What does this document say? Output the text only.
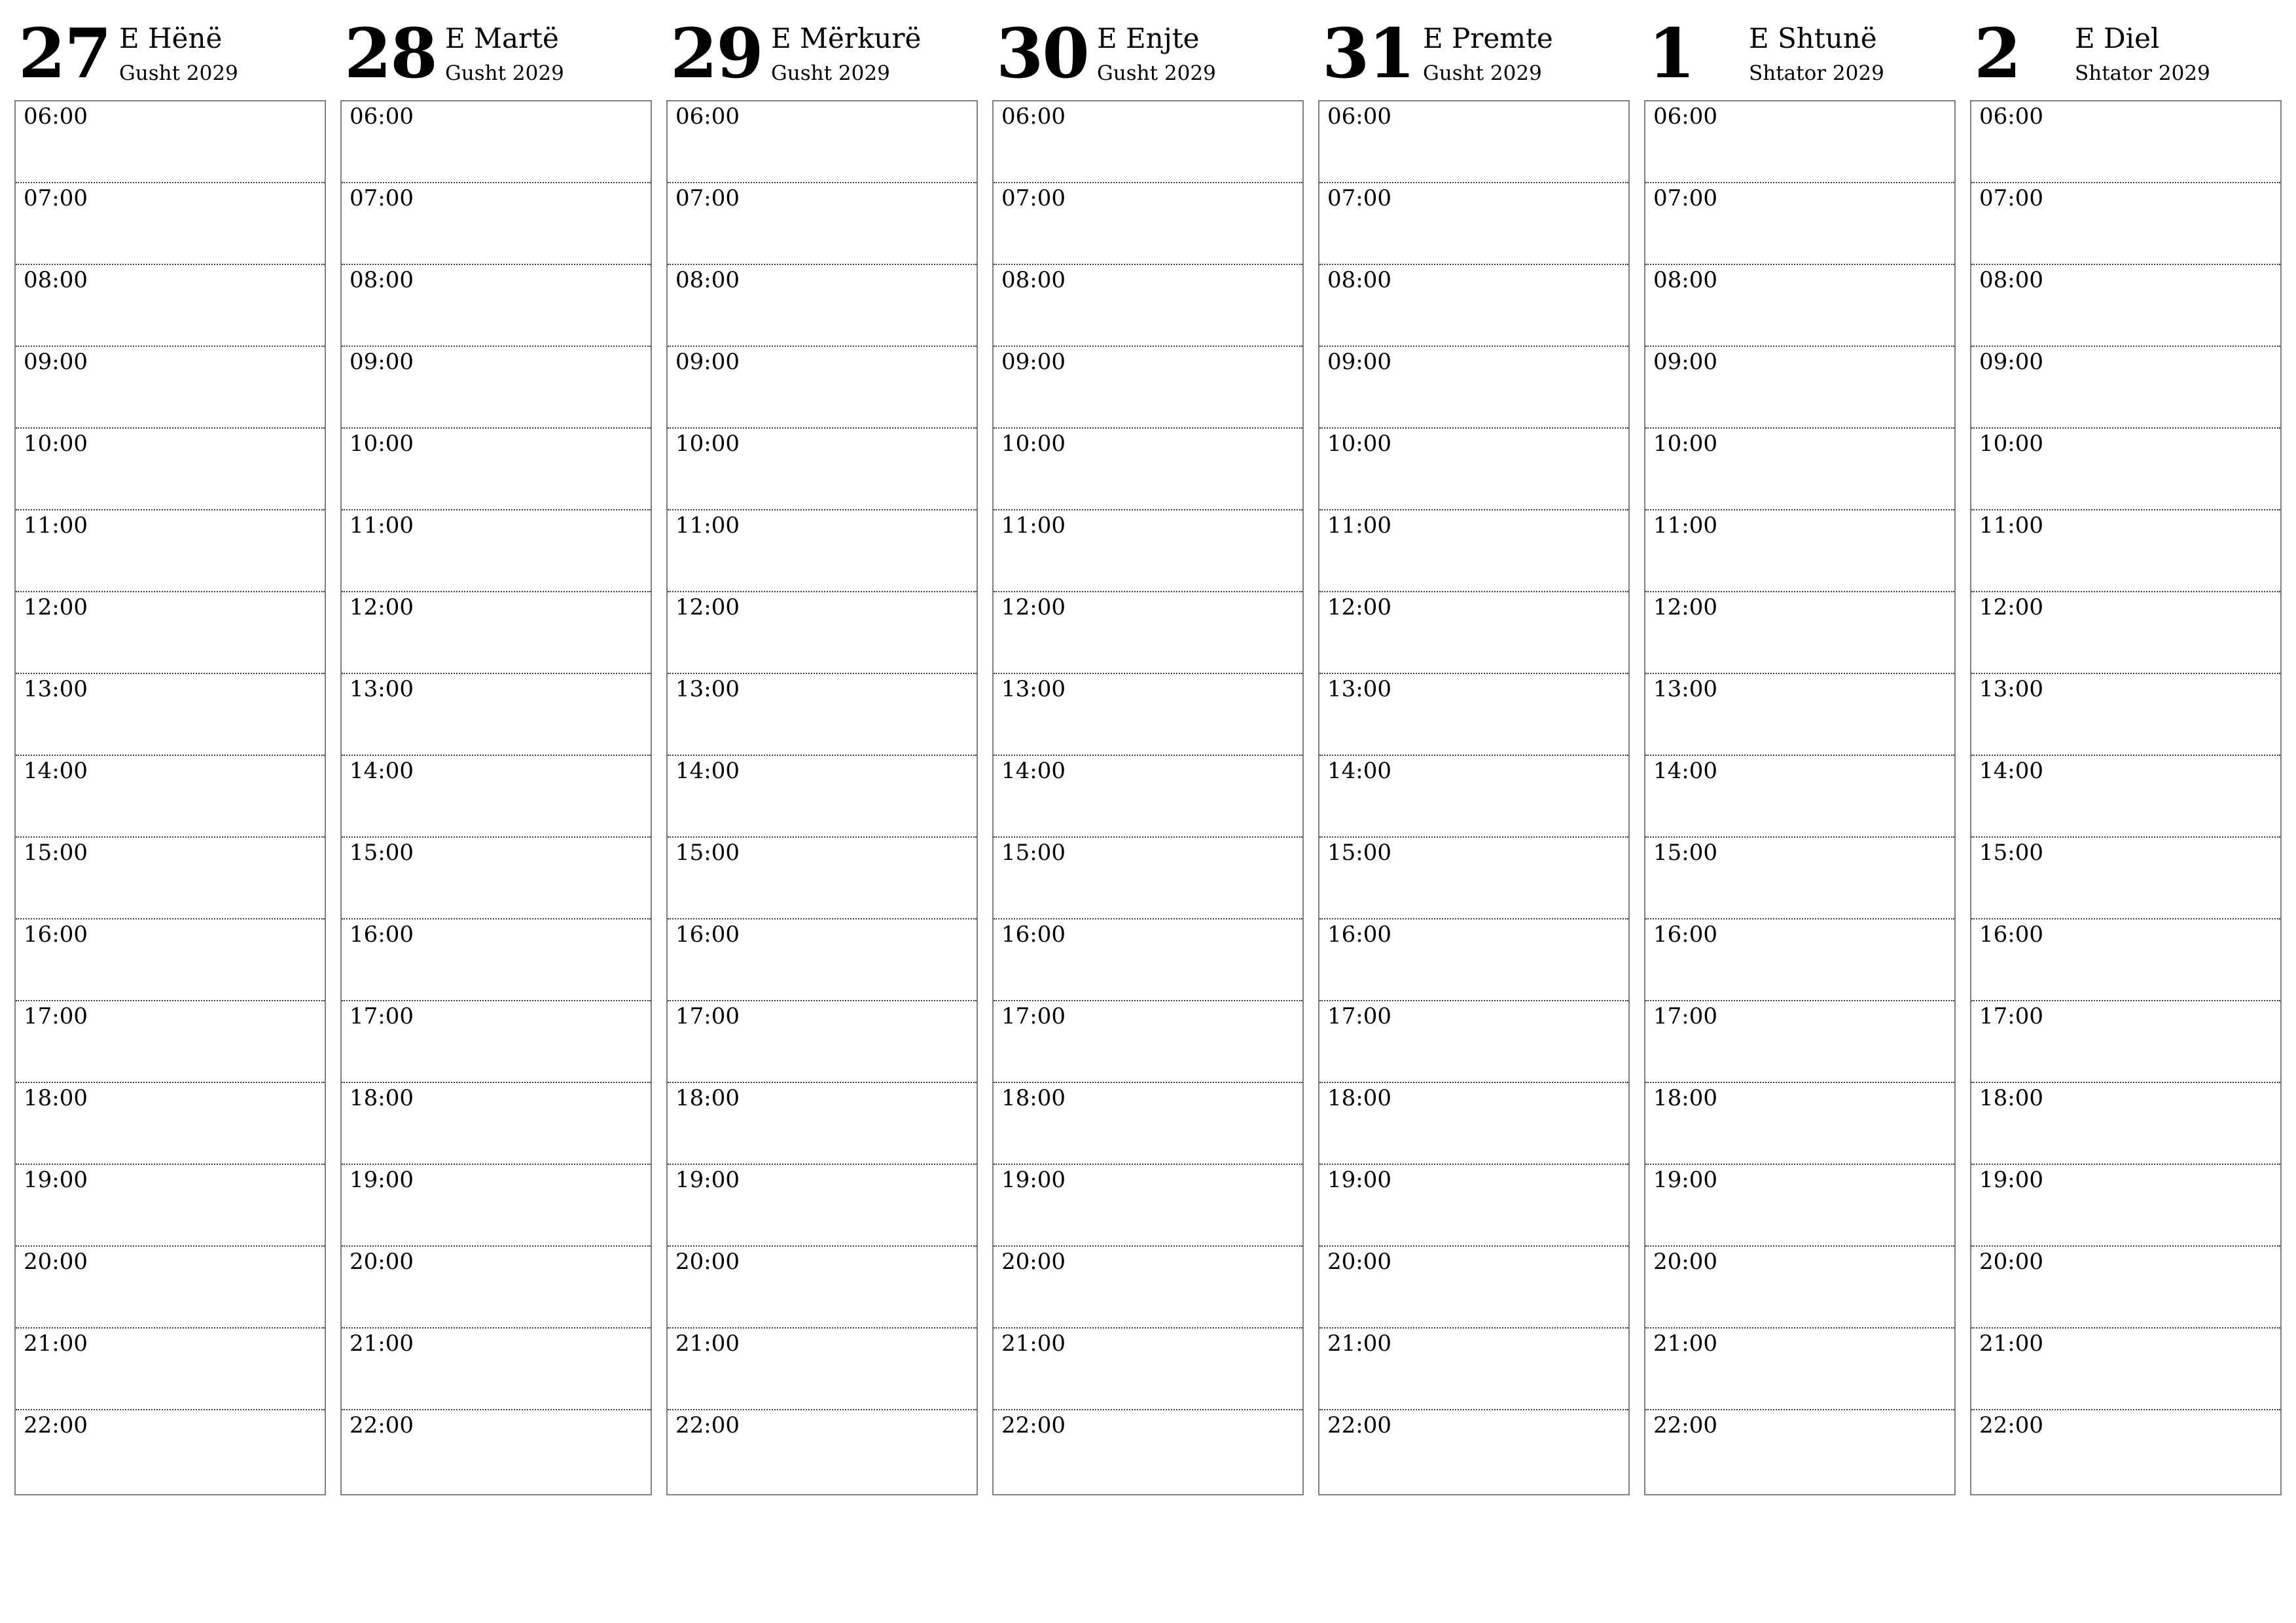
27 E Hënë
Gusht 2029
06:00
07:00
08:00
09:00
10:00
11:00
12:00
13:00
14:00
15:00
16:00
17:00
18:00
19:00
20:00
21:00
22:00
28 E Martë
Gusht 2029
06:00
07:00
08:00
09:00
10:00
11:00
12:00
13:00
14:00
15:00
16:00
17:00
18:00
19:00
20:00
21:00
22:00
29 E Mërkurë
Gusht 2029
06:00
07:00
08:00
09:00
10:00
11:00
12:00
13:00
14:00
15:00
16:00
17:00
18:00
19:00
20:00
21:00
22:00
30 E Enjte
Gusht 2029
06:00
07:00
08:00
09:00
10:00
11:00
12:00
13:00
14:00
15:00
16:00
17:00
18:00
19:00
20:00
21:00
22:00
31 E Premte
Gusht 2029
06:00
07:00
08:00
09:00
10:00
11:00
12:00
13:00
14:00
15:00
16:00
17:00
18:00
19:00
20:00
21:00
22:00
1 E Shtunë
Shtator 2029
06:00
07:00
08:00
09:00
10:00
11:00
12:00
13:00
14:00
15:00
16:00
17:00
18:00
19:00
20:00
21:00
22:00
2 E Diel
Shtator 2029
06:00
07:00
08:00
09:00
10:00
11:00
12:00
13:00
14:00
15:00
16:00
17:00
18:00
19:00
20:00
21:00
22:00
